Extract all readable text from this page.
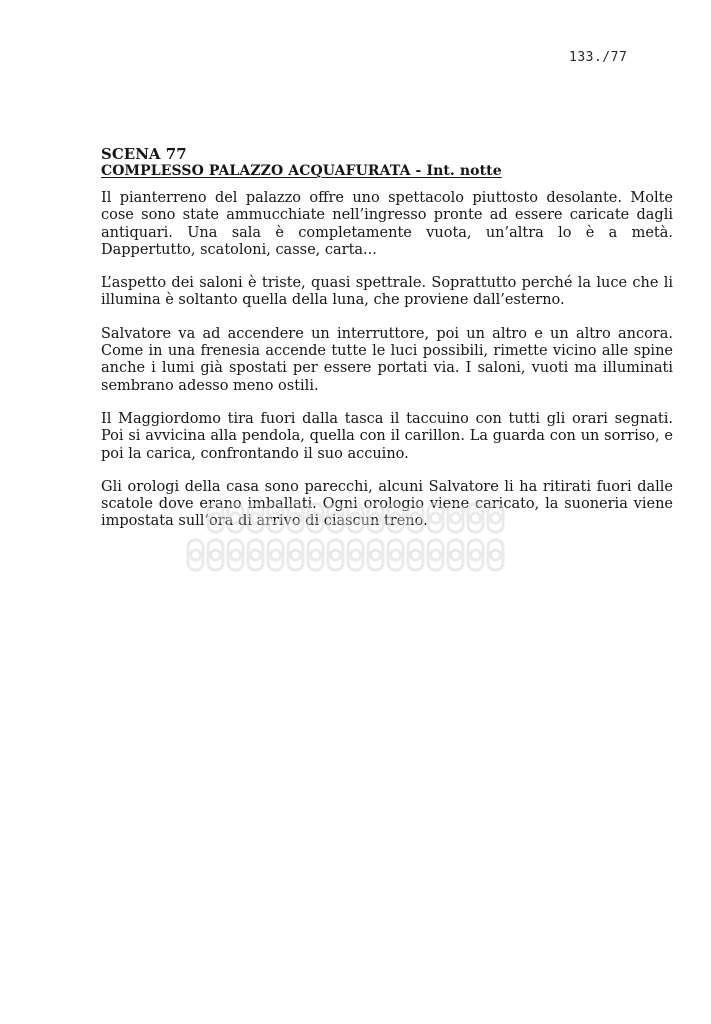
133./77
SCENA 77
COMPLESSO PALAZZO ACQUAFURATA - Int. notte

Il pianterreno del palazzo offre uno spettacolo piuttosto desolante. Molte cose sono state ammucchiate nell’ingresso pronte ad essere caricate dagli antiquari. Una sala è completamente vuota, un’altra lo è a metà. Dappertutto, scatoloni, casse, carta...

L’aspetto dei saloni è triste, quasi spettrale. Soprattutto perché la luce che li illumina è soltanto quella della luna, che proviene dall’esterno.

Salvatore va ad accendere un interruttore, poi un altro e un altro ancora. Come in una frenesia accende tutte le luci possibili, rimette vicino alle spine anche i lumi già spostati per essere portati via. I saloni, vuoti ma illuminati sembrano adesso meno ostili.

Il Maggiordomo tira fuori dalla tasca il taccuino con tutti gli orari segnati. Poi si avvicina alla pendola, quella con il carillon. La guarda con un sorriso, e poi la carica, confrontando il suo accuino.

Gli orologi della casa sono parecchi, alcuni Salvatore li ha ritirati fuori dalle scatole dove erano imballati. Ogni orologio viene caricato, la suoneria viene impostata sull’ora di arrivo di ciascun treno.
